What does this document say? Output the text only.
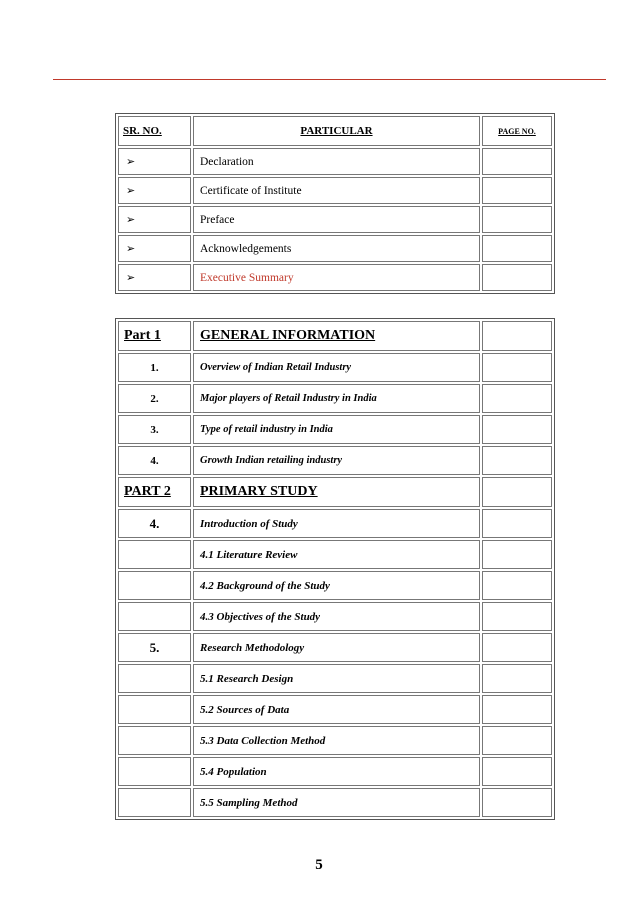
SR. NO.	PARTICULAR	PAGE NO.
➢	Declaration	
➢	Certificate of Institute	
➢	Preface	
➢	Acknowledgements	
➢	Executive Summary	
Part 1	GENERAL INFORMATION	
1.	Overview of Indian Retail Industry	
2.	Major players of Retail Industry in India	
3.	Type of retail industry in India	
4.	Growth Indian retailing industry	
PART 2	PRIMARY STUDY	
4.	Introduction of Study	
	4.1 Literature Review	
	4.2 Background of the Study	
	4.3 Objectives of the Study	
5.	Research Methodology	
	5.1 Research Design	
	5.2 Sources of Data	
	5.3 Data Collection Method	
	5.4 Population	
	5.5 Sampling Method	
5
